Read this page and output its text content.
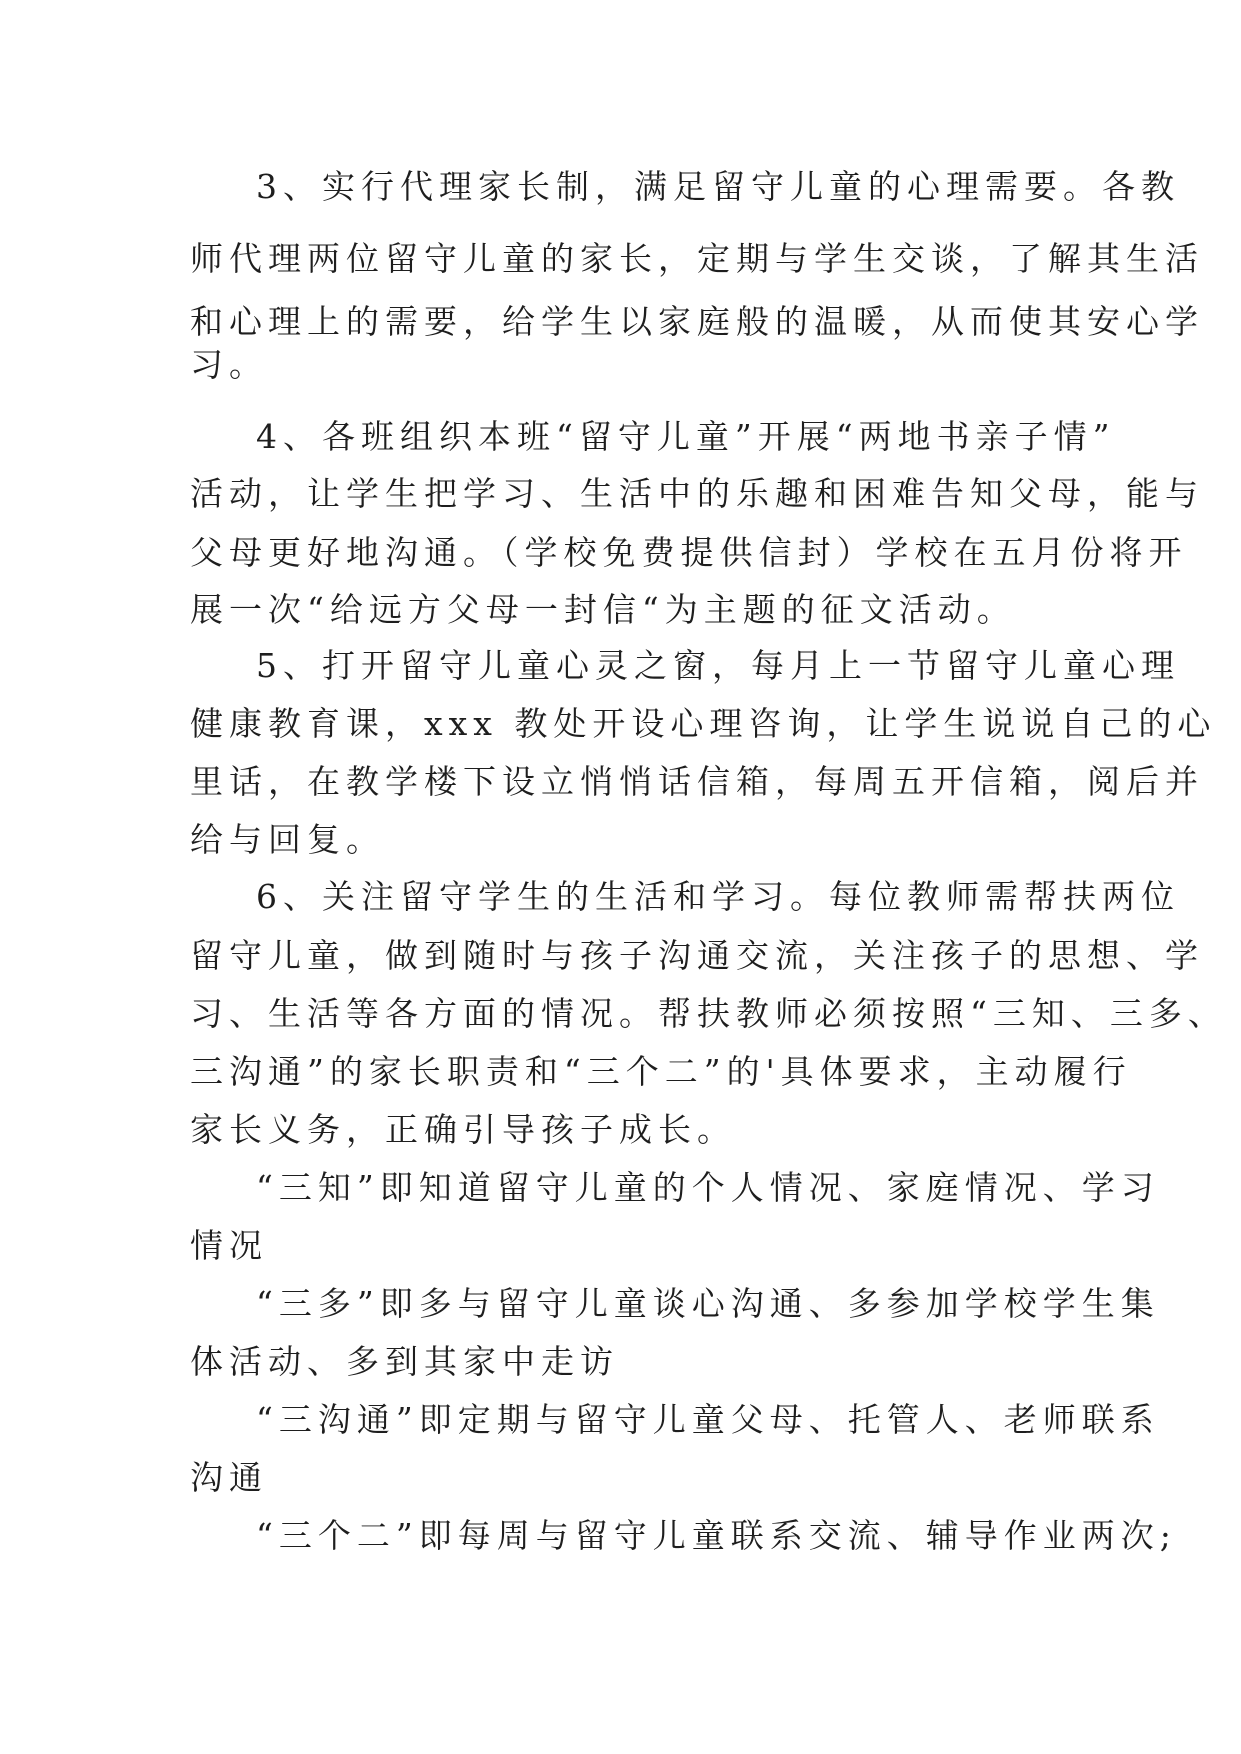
3、实行代理家长制，满足留守儿童的心理需要。各教
师代理两位留守儿童的家长，定期与学生交谈，了解其生活
和心理上的需要，给学生以家庭般的温暖，从而使其安心学
习。
4、各班组织本班“留守儿童”开展“两地书亲子情”
活动，让学生把学习、生活中的乐趣和困难告知父母，能与
父母更好地沟通。（学校免费提供信封）学校在五月份将开
展一次“给远方父母一封信“为主题的征文活动。
5、打开留守儿童心灵之窗，每月上一节留守儿童心理
健康教育课，xxx 教处开设心理咨询，让学生说说自己的心
里话，在教学楼下设立悄悄话信箱，每周五开信箱，阅后并
给与回复。
6、关注留守学生的生活和学习。每位教师需帮扶两位
留守儿童，做到随时与孩子沟通交流，关注孩子的思想、学
习、生活等各方面的情况。帮扶教师必须按照“三知、三多、
三沟通”的家长职责和“三个二”的'具体要求，主动履行
家长义务，正确引导孩子成长。
“三知”即知道留守儿童的个人情况、家庭情况、学习
情况
“三多”即多与留守儿童谈心沟通、多参加学校学生集
体活动、多到其家中走访
“三沟通”即定期与留守儿童父母、托管人、老师联系
沟通
“三个二”即每周与留守儿童联系交流、辅导作业两次;
